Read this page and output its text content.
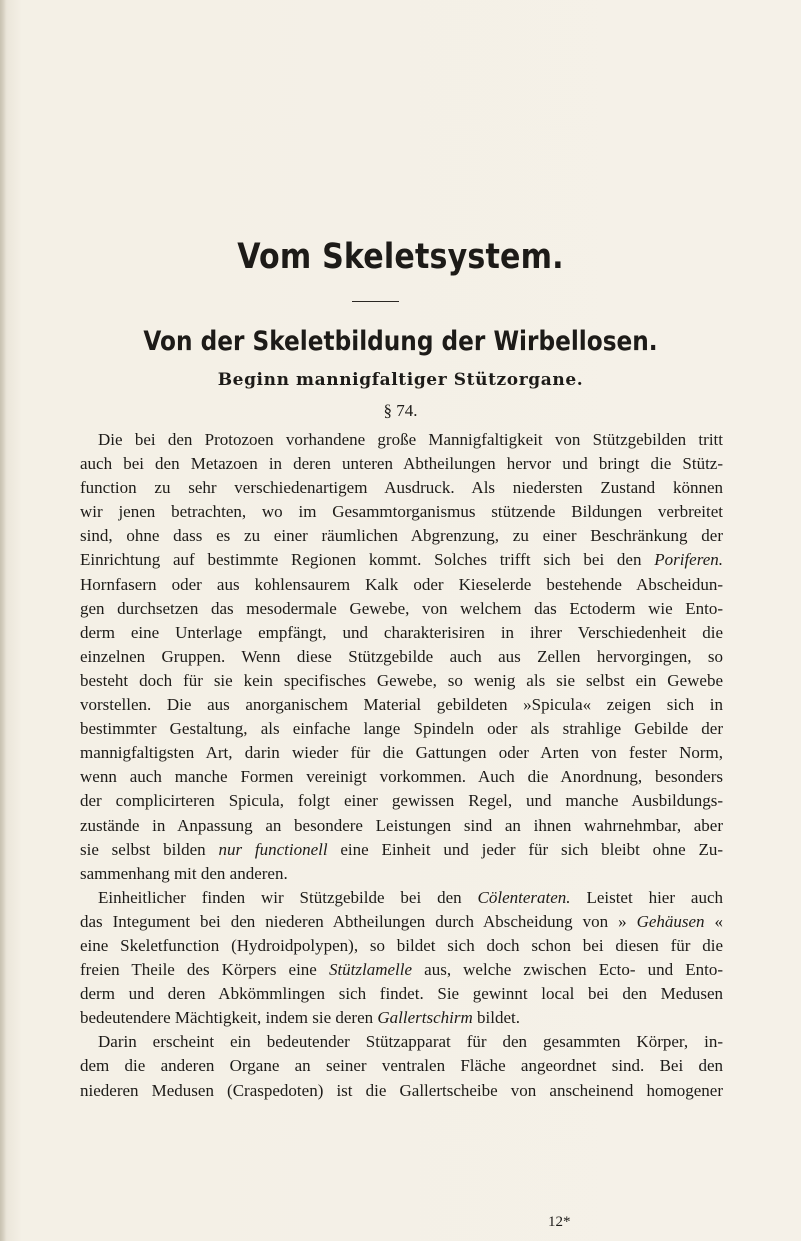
Vom Skeletsystem.
Von der Skeletbildung der Wirbellosen.
Beginn mannigfaltiger Stützorgane.
§ 74.
Die bei den Protozoen vorhandene große Mannigfaltigkeit von Stützgebilden tritt
auch bei den Metazoen in deren unteren Abtheilungen hervor und bringt die Stütz-
function zu sehr verschiedenartigem Ausdruck. Als niedersten Zustand können
wir jenen betrachten, wo im Gesammtorganismus stützende Bildungen verbreitet
sind, ohne dass es zu einer räumlichen Abgrenzung, zu einer Beschränkung der
Einrichtung auf bestimmte Regionen kommt. Solches trifft sich bei den Poriferen.
Hornfasern oder aus kohlensaurem Kalk oder Kieselerde bestehende Abscheidun-
gen durchsetzen das mesodermale Gewebe, von welchem das Ectoderm wie Ento-
derm eine Unterlage empfängt, und charakterisiren in ihrer Verschiedenheit die
einzelnen Gruppen. Wenn diese Stützgebilde auch aus Zellen hervorgingen, so
besteht doch für sie kein specifisches Gewebe, so wenig als sie selbst ein Gewebe
vorstellen. Die aus anorganischem Material gebildeten »Spicula« zeigen sich in
bestimmter Gestaltung, als einfache lange Spindeln oder als strahlige Gebilde der
mannigfaltigsten Art, darin wieder für die Gattungen oder Arten von fester Norm,
wenn auch manche Formen vereinigt vorkommen. Auch die Anordnung, besonders
der complicirteren Spicula, folgt einer gewissen Regel, und manche Ausbildungs-
zustände in Anpassung an besondere Leistungen sind an ihnen wahrnehmbar, aber
sie selbst bilden nur functionell eine Einheit und jeder für sich bleibt ohne Zu-
sammenhang mit den anderen.
Einheitlicher finden wir Stützgebilde bei den Cölenteraten. Leistet hier auch
das Integument bei den niederen Abtheilungen durch Abscheidung von » Gehäusen «
eine Skeletfunction (Hydroidpolypen), so bildet sich doch schon bei diesen für die
freien Theile des Körpers eine Stützlamelle aus, welche zwischen Ecto- und Ento-
derm und deren Abkömmlingen sich findet. Sie gewinnt local bei den Medusen
bedeutendere Mächtigkeit, indem sie deren Gallertschirm bildet.
Darin erscheint ein bedeutender Stützapparat für den gesammten Körper, in-
dem die anderen Organe an seiner ventralen Fläche angeordnet sind. Bei den
niederen Medusen (Craspedoten) ist die Gallertscheibe von anscheinend homogener
12*
